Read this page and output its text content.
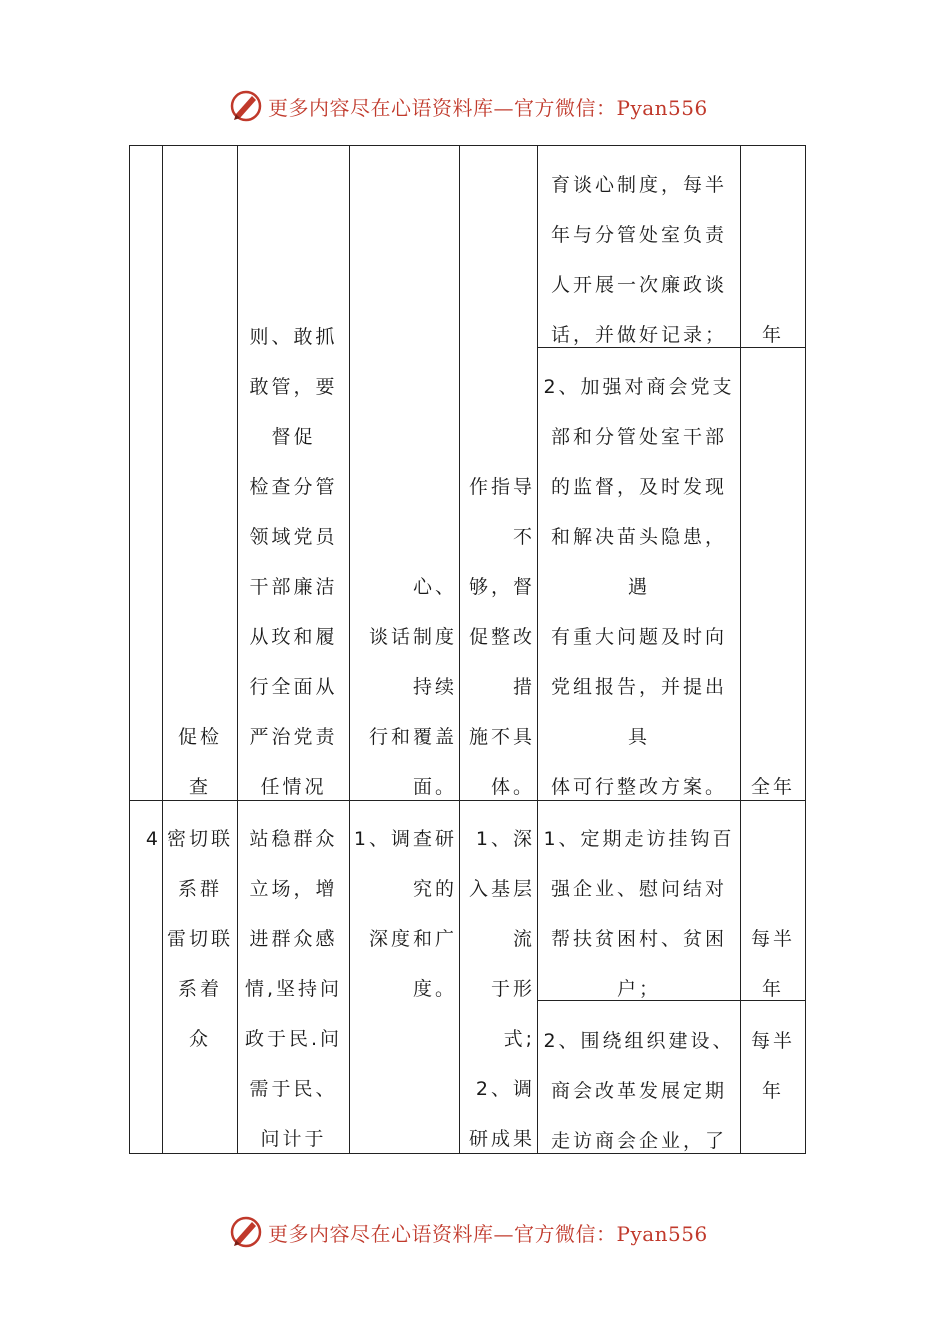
更多内容尽在心语资料库—官方微信：Pyan556
促检
查
则、敢抓
敢管，要
督促
检查分管
领域党员
干部廉洁
从玫和履
行全面从
严治党责
任情况
心、
谈话制度
持续
行和覆盖
面。
作指导
不
够，督
促整改
措
施不具
体。
育谈心制度，每半
年与分管处室负责
人开展一次廉政谈
话，并做好记录；	年
2、加强对商会党支
部和分管处室干部
的监督，及时发现
和解决苗头隐患，
遇
有重大问题及时向
党组报告，并提出
具
体可行整改方案。	全年
4 密切联
系群
雷切联
系着
众
站稳群众
立场，增
进群众感
情,坚持问
政于民.问
需于民、
问计于
1、调查研
究的
深度和广
度。
1、深
入基层
流
于形
式;
2、调
研成果
1、定期走访挂钩百
强企业、慰问结对
帮扶贫困村、贫困
户；
每半
年
2、围绕组织建设、
商会改革发展定期
走访商会企业，了
每半
年
更多内容尽在心语资料库—官方微信：Pyan556
